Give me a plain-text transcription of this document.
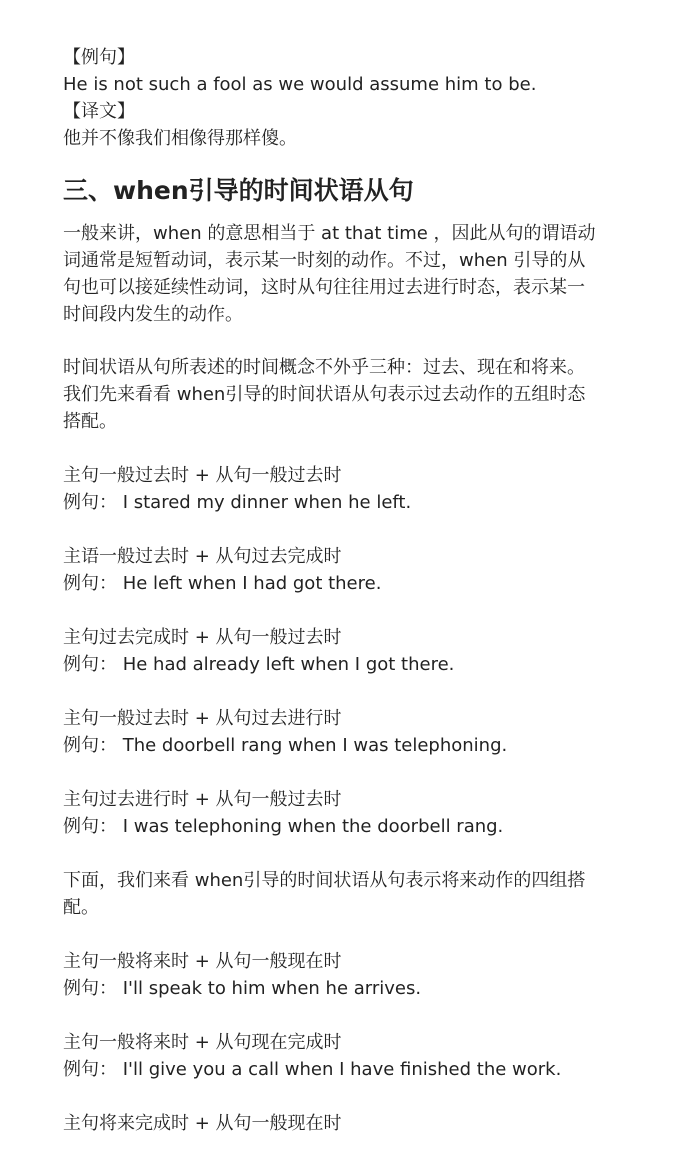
【例句】
He is not such a fool as we would assume him to be.
【译文】
他并不像我们相像得那样傻。
三、when引导的时间状语从句
一般来讲，when 的意思相当于 at that time ，因此从句的谓语动
词通常是短暂动词，表示某一时刻的动作。不过，when 引导的从
句也可以接延续性动词，这时从句往往用过去进行时态，表示某一
时间段内发生的动作。
时间状语从句所表述的时间概念不外乎三种：过去、现在和将来。
我们先来看看 when引导的时间状语从句表示过去动作的五组时态
搭配。
主句一般过去时 + 从句一般过去时
例句： I stared my dinner when he left.
主语一般过去时 + 从句过去完成时
例句： He left when I had got there.
主句过去完成时 + 从句一般过去时
例句： He had already left when I got there.
主句一般过去时 + 从句过去进行时
例句： The doorbell rang when I was telephoning.
主句过去进行时 + 从句一般过去时
例句： I was telephoning when the doorbell rang.
下面，我们来看 when引导的时间状语从句表示将来动作的四组搭
配。
主句一般将来时 + 从句一般现在时
例句： I'll speak to him when he arrives.
主句一般将来时 + 从句现在完成时
例句： I'll give you a call when I have finished the work.
主句将来完成时 + 从句一般现在时
